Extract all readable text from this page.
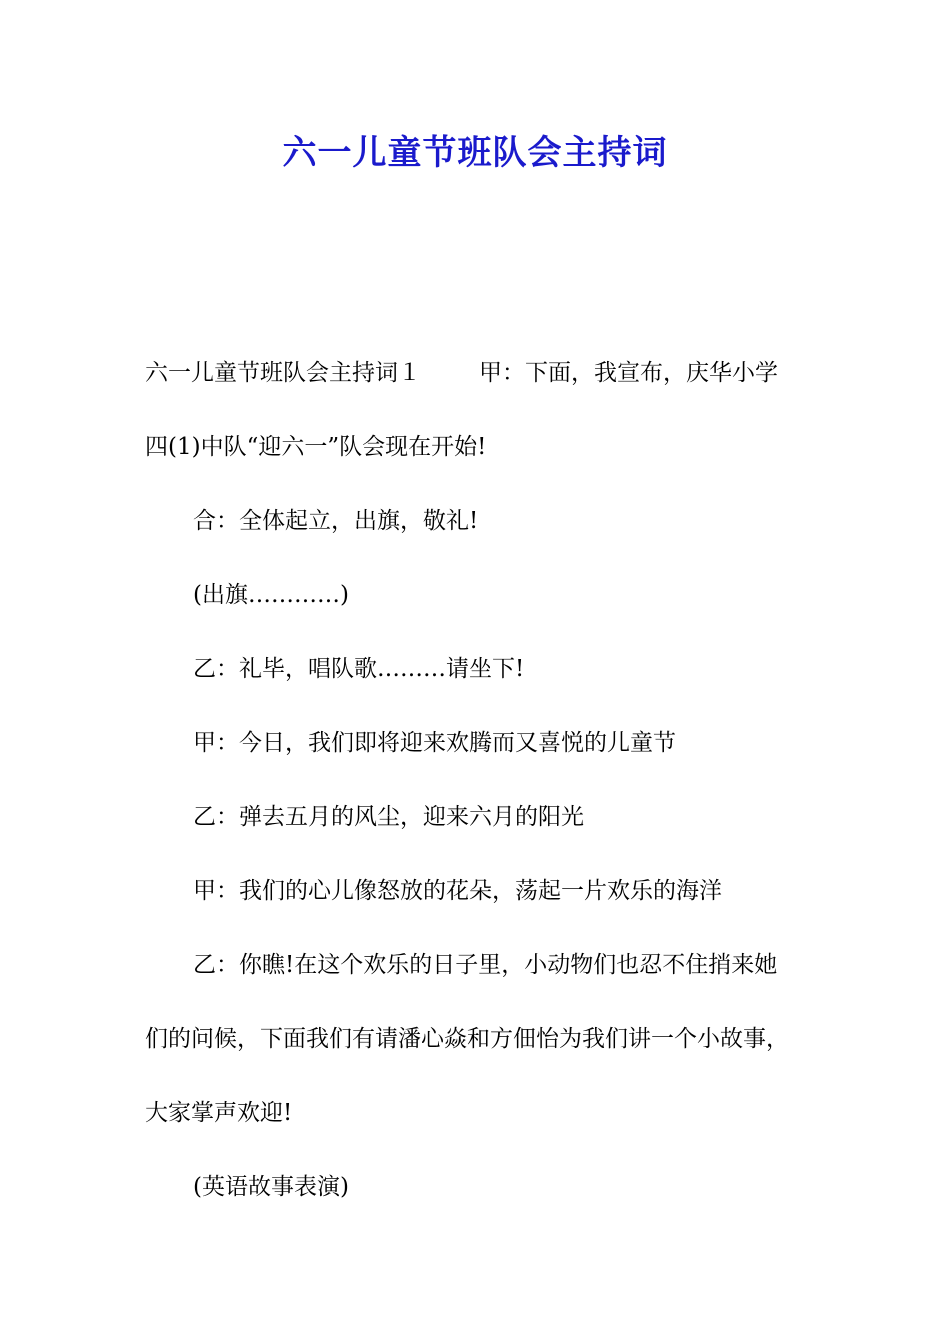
六一儿童节班队会主持词

六一儿童节班队会主持词１	甲：下面，我宣布，庆华小学

四(1)中队“迎六一”队会现在开始!

合：全体起立，出旗，敬礼!

(出旗…………)

乙：礼毕，唱队歌………请坐下!

甲：今日，我们即将迎来欢腾而又喜悦的儿童节

乙：弹去五月的风尘，迎来六月的阳光

甲：我们的心儿像怒放的花朵，荡起一片欢乐的海洋

乙：你瞧!在这个欢乐的日子里，小动物们也忍不住捎来她

们的问候，下面我们有请潘心焱和方佃怡为我们讲一个小故事，

大家掌声欢迎!

(英语故事表演)
